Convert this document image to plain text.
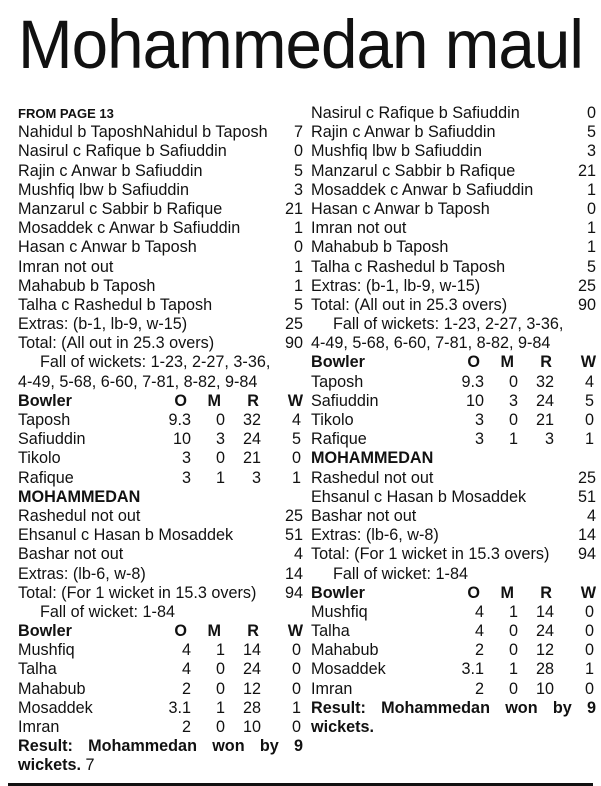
Mohammedan maul
FROM PAGE 13
Nahidul b TaposhNahidul b Taposh 7
Nasirul c Rafique b Safiuddin	0
Rajin c Anwar b Safiuddin	5
Mushfiq lbw b Safiuddin	3
Manzarul c Sabbir b Rafique	21
Mosaddek c Anwar b Safiuddin	1
Hasan c Anwar b Taposh	0
Imran not out	1
Mahabub b Taposh	1
Talha c Rashedul b Taposh	5
Extras: (b-1, lb-9, w-15)	25
Total: (All out in 25.3 overs)	90
Fall of wickets: 1-23, 2-27, 3-36,
4-49, 5-68, 6-60, 7-81, 8-82, 9-84
Bowler	O M R W
Taposh	9.3 0 32 4
Safiuddin	10 3 24 5
Tikolo	3 0 21 0
Rafique	3 1 3 1
MOHAMMEDAN
Rashedul not out	25
Ehsanul c Hasan b Mosaddek	51
Bashar not out	4
Extras: (lb-6, w-8)	14
Total: (For 1 wicket in 15.3 overs) 94
Fall of wicket: 1-84
Bowler	O M R W
Mushfiq	4 1 14 0
Talha	4 0 24 0
Mahabub	2 0 12 0
Mosaddek	3.1 1 28 1
Imran	2 0 10 0
Result: Mohammedan won by 9 wickets. 7
Nasirul c Rafique b Safiuddin	0
Rajin c Anwar b Safiuddin	5
Mushfiq lbw b Safiuddin	3
Manzarul c Sabbir b Rafique	21
Mosaddek c Anwar b Safiuddin	1
Hasan c Anwar b Taposh	0
Imran not out	1
Mahabub b Taposh	1
Talha c Rashedul b Taposh	5
Extras: (b-1, lb-9, w-15)	25
Total: (All out in 25.3 overs)	90
Fall of wickets: 1-23, 2-27, 3-36,
4-49, 5-68, 6-60, 7-81, 8-82, 9-84
Bowler	O M R W
Taposh	9.3 0 32 4
Safiuddin	10 3 24 5
Tikolo	3 0 21 0
Rafique	3 1 3 1
MOHAMMEDAN
Rashedul not out	25
Ehsanul c Hasan b Mosaddek	51
Bashar not out	4
Extras: (lb-6, w-8)	14
Total: (For 1 wicket in 15.3 overs) 94
Fall of wicket: 1-84
Bowler	O M R W
Mushfiq	4 1 14 0
Talha	4 0 24 0
Mahabub	2 0 12 0
Mosaddek	3.1 1 28 1
Imran	2 0 10 0
Result: Mohammedan won by 9 wickets.
